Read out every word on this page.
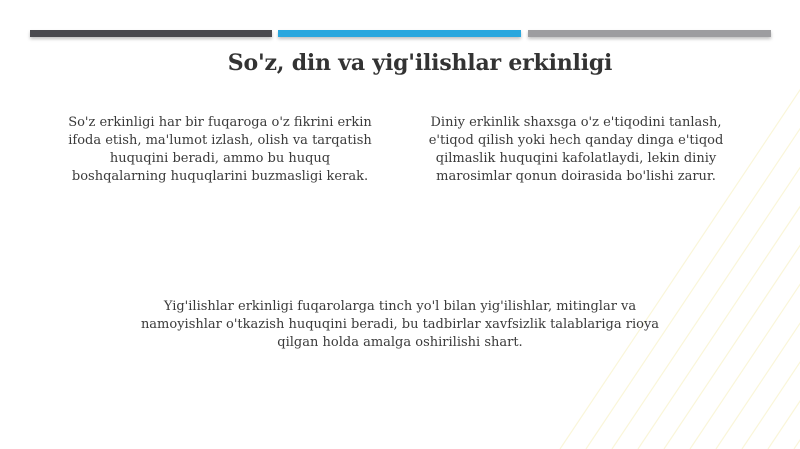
So'z, din va yig'ilishlar erkinligi
So'z erkinligi har bir fuqaroga o'z fikrini erkin ifoda etish, ma'lumot izlash, olish va tarqatish huquqini beradi, ammo bu huquq boshqalarning huquqlarini buzmasligi kerak.
Diniy erkinlik shaxsga o'z e'tiqodini tanlash, e'tiqod qilish yoki hech qanday dinga e'tiqod qilmaslik huquqini kafolatlaydi, lekin diniy marosimlar qonun doirasida bo'lishi zarur.
Yig'ilishlar erkinligi fuqarolarga tinch yo'l bilan yig'ilishlar, mitinglar va namoyishlar o'tkazish huquqini beradi, bu tadbirlar xavfsizlik talablariga rioya qilgan holda amalga oshirilishi shart.
